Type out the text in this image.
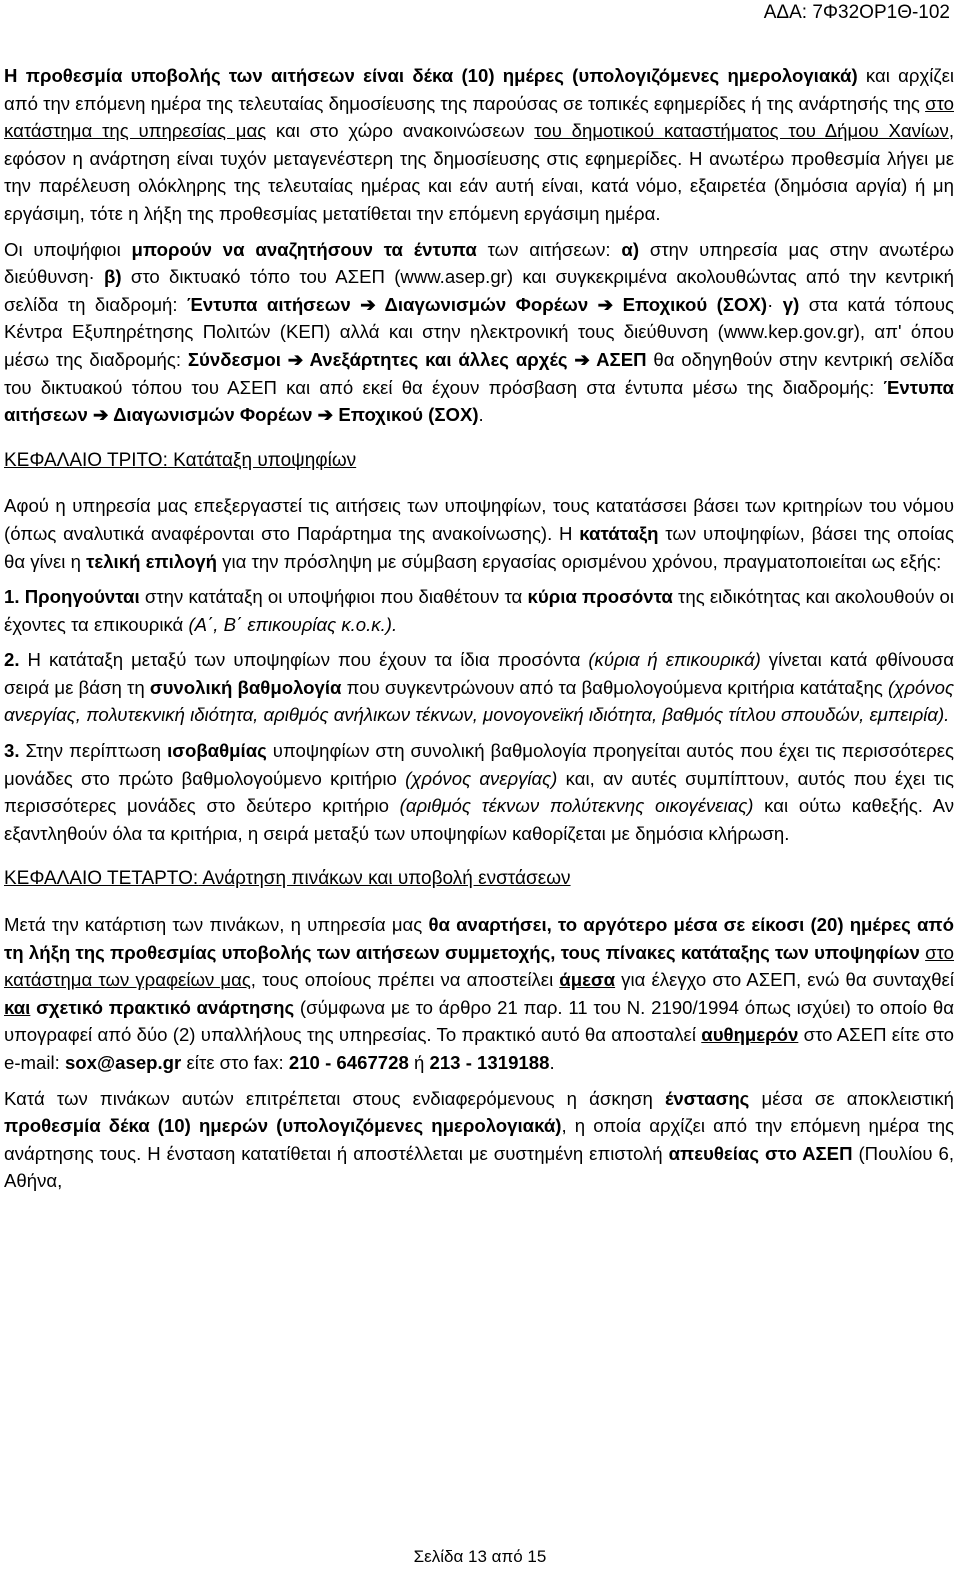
ΑΔΑ: 7Φ32ΟΡ1Θ-102

Η προθεσμία υποβολής των αιτήσεων είναι δέκα (10) ημέρες (υπολογιζόμενες ημερολογιακά) και αρχίζει από την επόμενη ημέρα της τελευταίας δημοσίευσης της παρούσας σε τοπικές εφημερίδες ή της ανάρτησής της στο κατάστημα της υπηρεσίας μας και στο χώρο ανακοινώσεων του δημοτικού καταστήματος του Δήμου Χανίων, εφόσον η ανάρτηση είναι τυχόν μεταγενέστερη της δημοσίευσης στις εφημερίδες. Η ανωτέρω προθεσμία λήγει με την παρέλευση ολόκληρης της τελευταίας ημέρας και εάν αυτή είναι, κατά νόμο, εξαιρετέα (δημόσια αργία) ή μη εργάσιμη, τότε η λήξη της προθεσμίας μετατίθεται την επόμενη εργάσιμη ημέρα.

Οι υποψήφιοι μπορούν να αναζητήσουν τα έντυπα των αιτήσεων: α) στην υπηρεσία μας στην ανωτέρω διεύθυνση· β) στο δικτυακό τόπο του ΑΣΕΠ (www.asep.gr) και συγκεκριμένα ακολουθώντας από την κεντρική σελίδα τη διαδρομή: Έντυπα αιτήσεων ➔ Διαγωνισμών Φορέων ➔ Εποχικού (ΣΟΧ)· γ) στα κατά τόπους Κέντρα Εξυπηρέτησης Πολιτών (ΚΕΠ) αλλά και στην ηλεκτρονική τους διεύθυνση (www.kep.gov.gr), απ' όπου μέσω της διαδρομής: Σύνδεσμοι ➔ Ανεξάρτητες και άλλες αρχές ➔ ΑΣΕΠ θα οδηγηθούν στην κεντρική σελίδα του δικτυακού τόπου του ΑΣΕΠ και από εκεί θα έχουν πρόσβαση στα έντυπα μέσω της διαδρομής: Έντυπα αιτήσεων ➔ Διαγωνισμών Φορέων ➔ Εποχικού (ΣΟΧ).

ΚΕΦΑΛΑΙΟ ΤΡΙΤΟ: Κατάταξη υποψηφίων

Αφού η υπηρεσία μας επεξεργαστεί τις αιτήσεις των υποψηφίων, τους κατατάσσει βάσει των κριτηρίων του νόμου (όπως αναλυτικά αναφέρονται στο Παράρτημα της ανακοίνωσης). Η κατάταξη των υποψηφίων, βάσει της οποίας θα γίνει η τελική επιλογή για την πρόσληψη με σύμβαση εργασίας ορισμένου χρόνου, πραγματοποιείται ως εξής:

1. Προηγούνται στην κατάταξη οι υποψήφιοι που διαθέτουν τα κύρια προσόντα της ειδικότητας και ακολουθούν οι έχοντες τα επικουρικά (Α΄, Β΄ επικουρίας κ.ο.κ.).

2. Η κατάταξη μεταξύ των υποψηφίων που έχουν τα ίδια προσόντα (κύρια ή επικουρικά) γίνεται κατά φθίνουσα σειρά με βάση τη συνολική βαθμολογία που συγκεντρώνουν από τα βαθμολογούμενα κριτήρια κατάταξης (χρόνος ανεργίας, πολυτεκνική ιδιότητα, αριθμός ανήλικων τέκνων, μονογονεϊκή ιδιότητα, βαθμός τίτλου σπουδών, εμπειρία).

3. Στην περίπτωση ισοβαθμίας υποψηφίων στη συνολική βαθμολογία προηγείται αυτός που έχει τις περισσότερες μονάδες στο πρώτο βαθμολογούμενο κριτήριο (χρόνος ανεργίας) και, αν αυτές συμπίπτουν, αυτός που έχει τις περισσότερες μονάδες στο δεύτερο κριτήριο (αριθμός τέκνων πολύτεκνης οικογένειας) και ούτω καθεξής. Αν εξαντληθούν όλα τα κριτήρια, η σειρά μεταξύ των υποψηφίων καθορίζεται με δημόσια κλήρωση.

ΚΕΦΑΛΑΙΟ ΤΕΤΑΡΤΟ: Ανάρτηση πινάκων και υποβολή ενστάσεων

Μετά την κατάρτιση των πινάκων, η υπηρεσία μας θα αναρτήσει, το αργότερο μέσα σε είκοσι (20) ημέρες από τη λήξη της προθεσμίας υποβολής των αιτήσεων συμμετοχής, τους πίνακες κατάταξης των υποψηφίων στο κατάστημα των γραφείων μας, τους οποίους πρέπει να αποστείλει άμεσα για έλεγχο στο ΑΣΕΠ, ενώ θα συνταχθεί και σχετικό πρακτικό ανάρτησης (σύμφωνα με το άρθρο 21 παρ. 11 του Ν. 2190/1994 όπως ισχύει) το οποίο θα υπογραφεί από δύο (2) υπαλλήλους της υπηρεσίας. Το πρακτικό αυτό θα αποσταλεί αυθημερόν στο ΑΣΕΠ είτε στο e-mail: sox@asep.gr είτε στο fax: 210 - 6467728 ή 213 - 1319188.

Κατά των πινάκων αυτών επιτρέπεται στους ενδιαφερόμενους η άσκηση ένστασης μέσα σε αποκλειστική προθεσμία δέκα (10) ημερών (υπολογιζόμενες ημερολογιακά), η οποία αρχίζει από την επόμενη ημέρα της ανάρτησης τους. Η ένσταση κατατίθεται ή αποστέλλεται με συστημένη επιστολή απευθείας στο ΑΣΕΠ (Πουλίου 6, Αθήνα,

Σελίδα 13 από 15
